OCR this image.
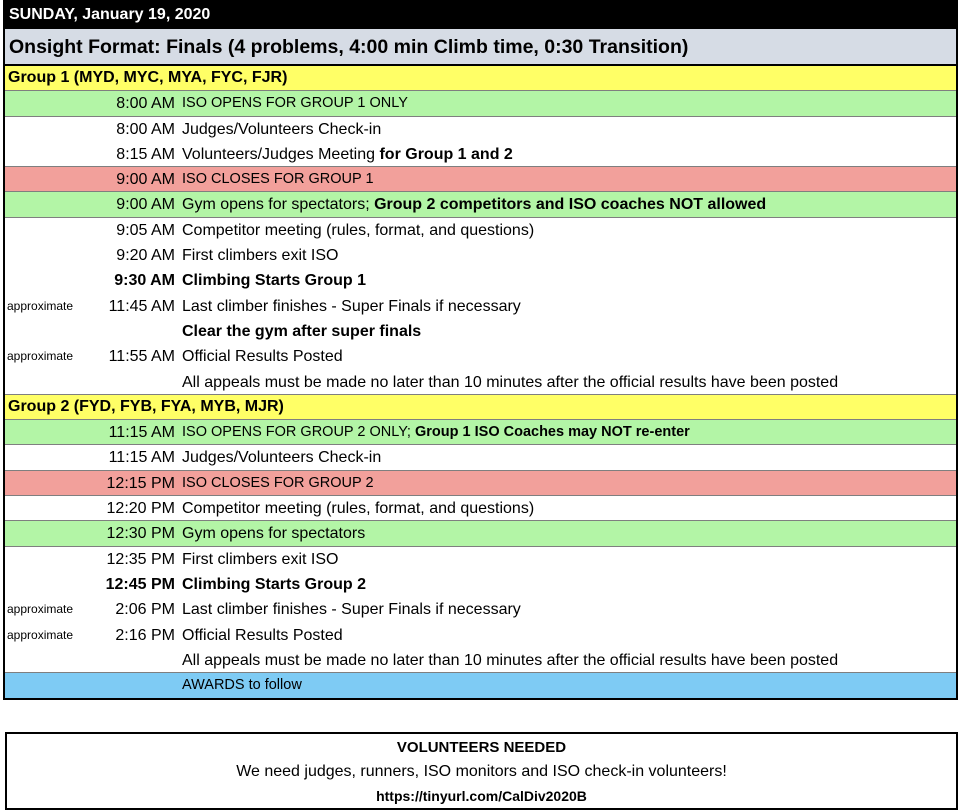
SUNDAY, January 19, 2020
Onsight Format: Finals (4 problems, 4:00 min Climb time, 0:30 Transition)
Group 1 (MYD, MYC, MYA, FYC, FJR)
8:00 AM ISO OPENS FOR GROUP 1 ONLY
8:00 AM Judges/Volunteers Check-in
8:15 AM Volunteers/Judges Meeting for Group 1 and 2
9:00 AM ISO CLOSES FOR GROUP 1
9:00 AM Gym opens for spectators; Group 2 competitors and ISO coaches NOT allowed
9:05 AM Competitor meeting (rules, format, and questions)
9:20 AM First climbers exit ISO
9:30 AM Climbing Starts Group 1
approximate 11:45 AM Last climber finishes - Super Finals if necessary
Clear the gym after super finals
approximate 11:55 AM Official Results Posted
All appeals must be made no later than 10 minutes after the official results have been posted
Group 2 (FYD, FYB, FYA, MYB, MJR)
11:15 AM ISO OPENS FOR GROUP 2 ONLY; Group 1 ISO Coaches may NOT re-enter
11:15 AM Judges/Volunteers Check-in
12:15 PM ISO CLOSES FOR GROUP 2
12:20 PM Competitor meeting (rules, format, and questions)
12:30 PM Gym opens for spectators
12:35 PM First climbers exit ISO
12:45 PM Climbing Starts Group 2
approximate	2:06 PM Last climber finishes - Super Finals if necessary
approximate	2:16 PM Official Results Posted
All appeals must be made no later than 10 minutes after the official results have been posted
AWARDS to follow
VOLUNTEERS NEEDED
We need judges, runners, ISO monitors and ISO check-in volunteers!
https://tinyurl.com/CalDiv2020B
